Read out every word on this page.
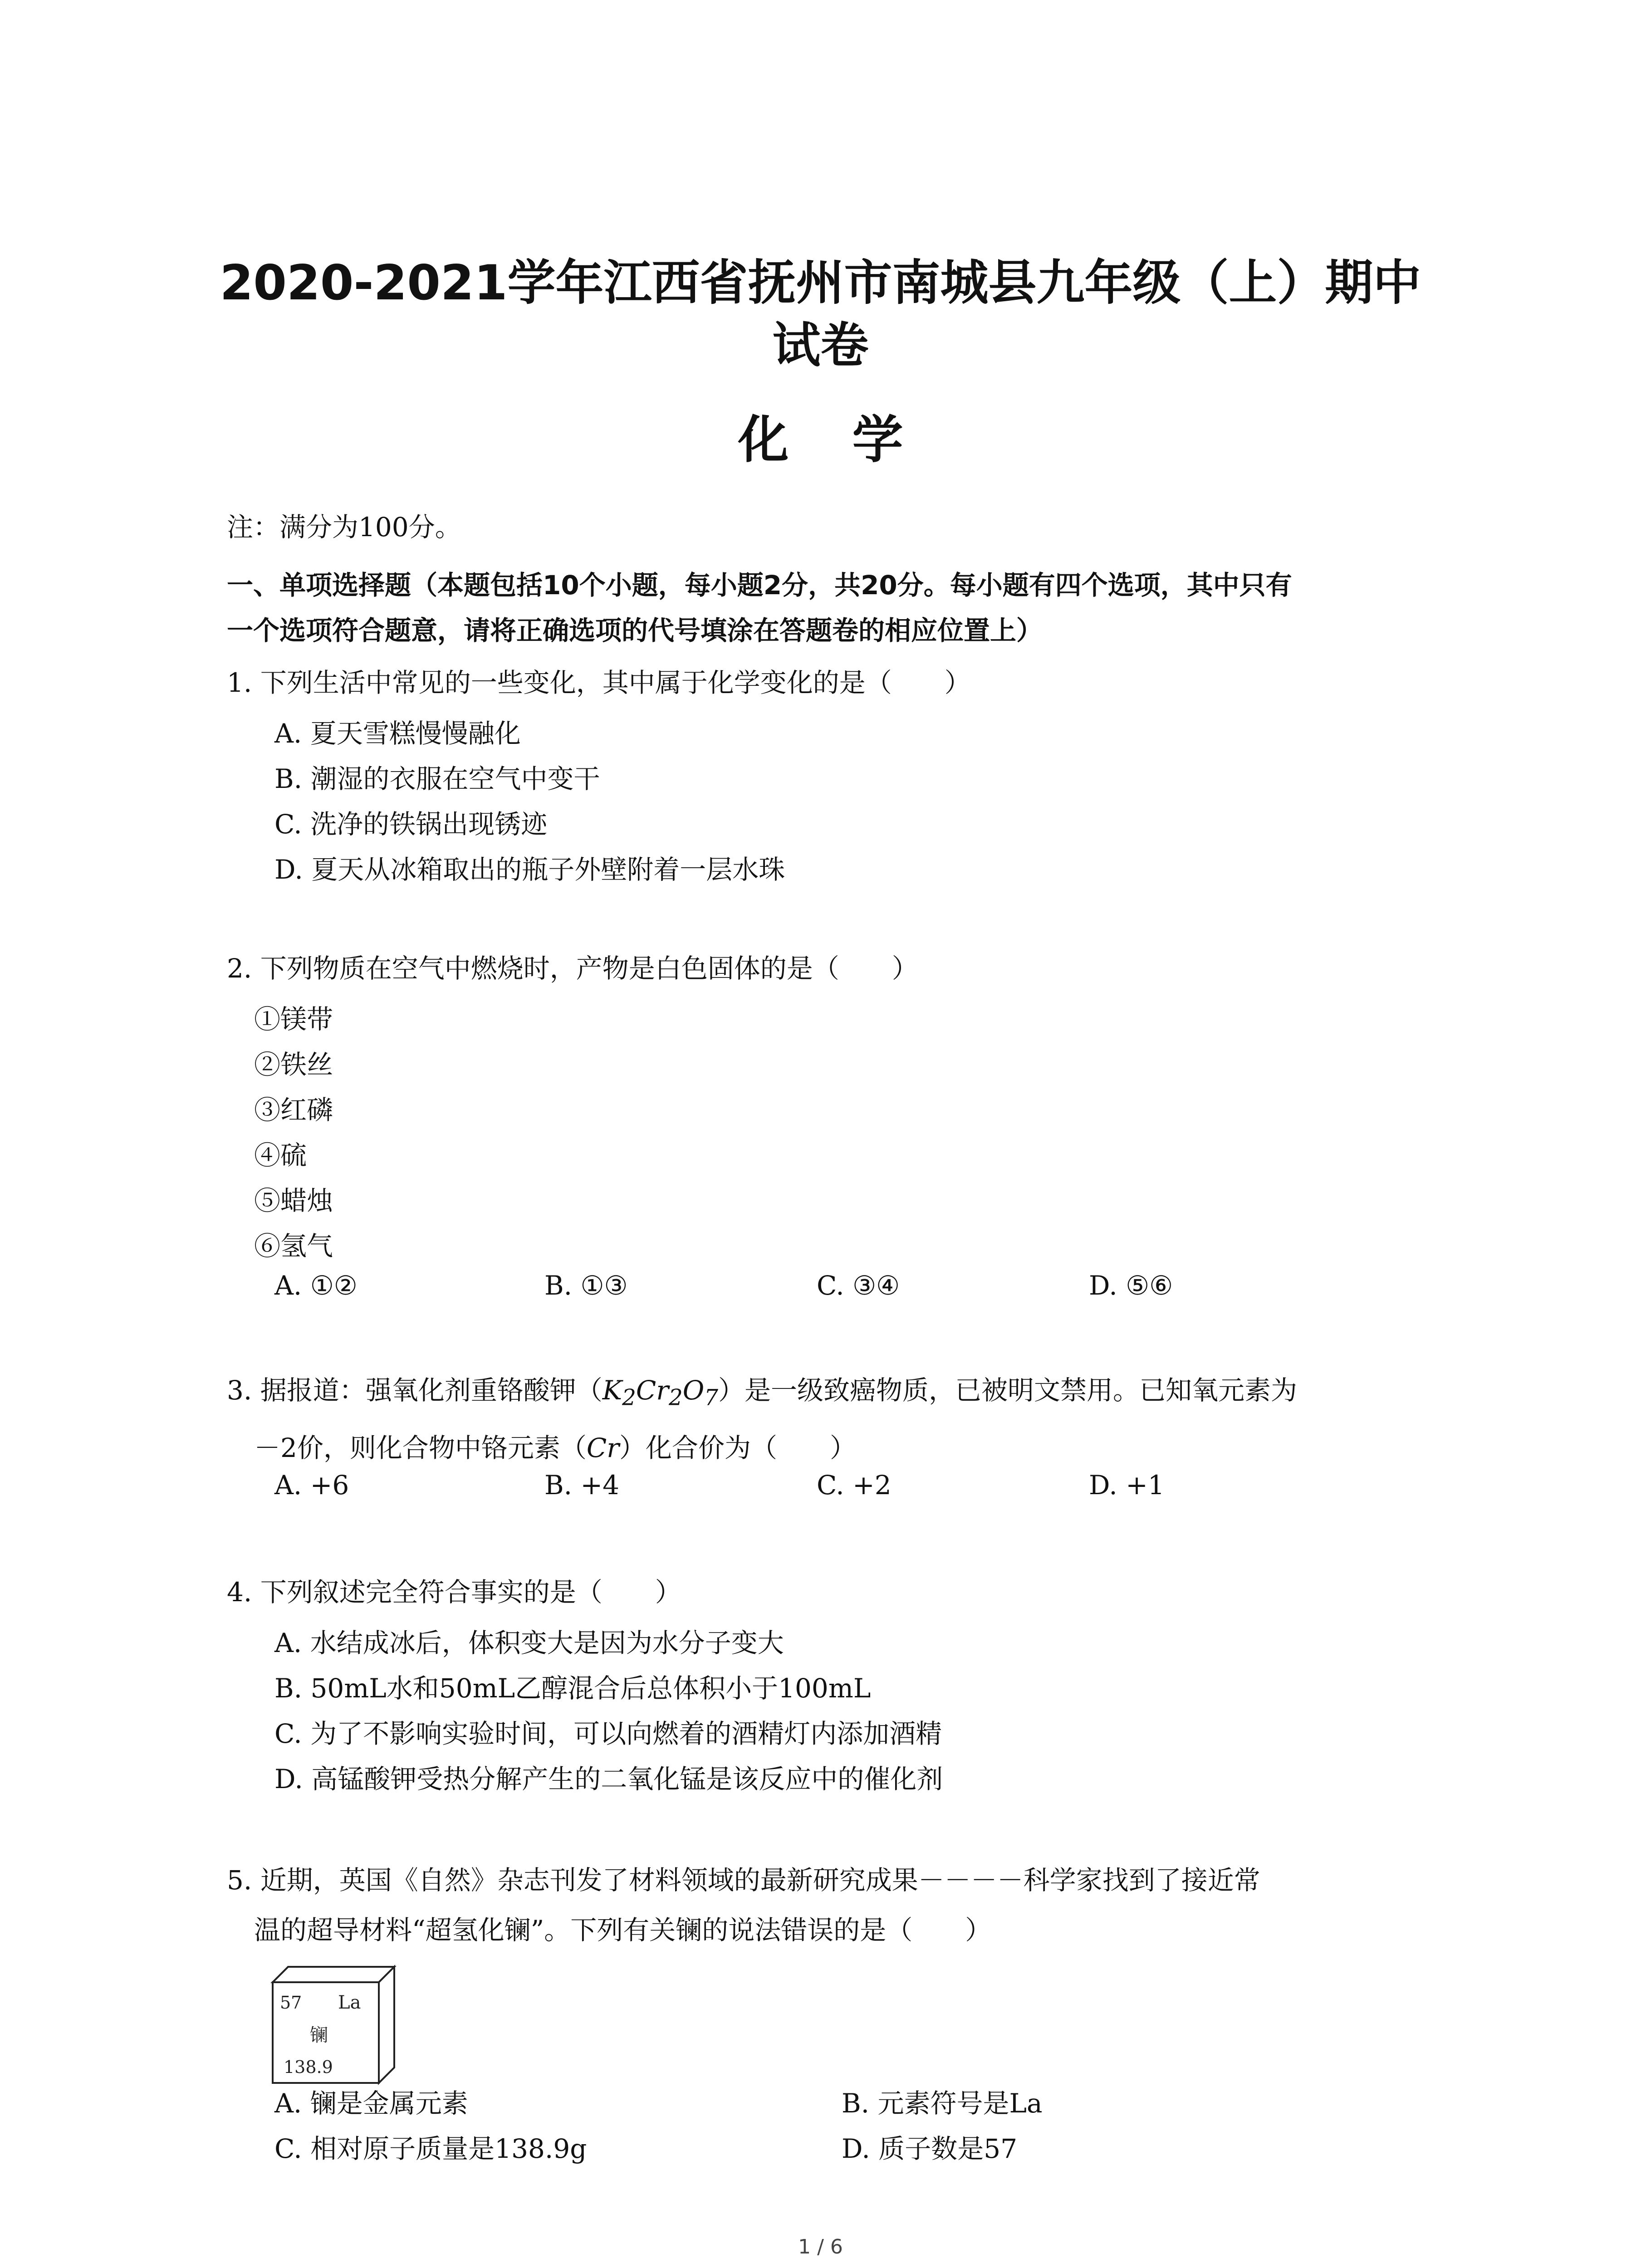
2020-2021学年江西省抚州市南城县九年级（上）期中
试卷
化学
注：满分为100分。
一、单项选择题（本题包括10个小题，每小题2分，共20分。每小题有四个选项，其中只有
一个选项符合题意，请将正确选项的代号填涂在答题卷的相应位置上）
1. 下列生活中常见的一些变化，其中属于化学变化的是（　　）
A. 夏天雪糕慢慢融化
B. 潮湿的衣服在空气中变干
C. 洗净的铁锅出现锈迹
D. 夏天从冰箱取出的瓶子外壁附着一层水珠
2. 下列物质在空气中燃烧时，产物是白色固体的是（　　）
①镁带
②铁丝
③红磷
④硫
⑤蜡烛
⑥氢气
A. ①②	B. ①③	C. ③④	D. ⑤⑥
3. 据报道：强氧化剂重铬酸钾$(K_2Cr_2O_7)$是一级致癌物质，已被明文禁用。已知氧元素为
－2价，则化合物中铬元素（Cr）化合价为（　　）
A. +6	B. +4	C. +2	D. +1
4. 下列叙述完全符合事实的是（　　）
A. 水结成冰后，体积变大是因为水分子变大
B. 50mL水和50mL乙醇混合后总体积小于100mL
C. 为了不影响实验时间，可以向燃着的酒精灯内添加酒精
D. 高锰酸钾受热分解产生的二氧化锰是该反应中的催化剂
5. 近期，英国《自然》杂志刊发了材料领域的最新研究成果－－－－科学家找到了接近常
温的超导材料“超氢化镧”。下列有关镧的说法错误的是（　　）
57 La
镧
138.9
A. 镧是金属元素	B. 元素符号是La
C. 相对原子质量是138.9g	D. 质子数是57
1 / 6
